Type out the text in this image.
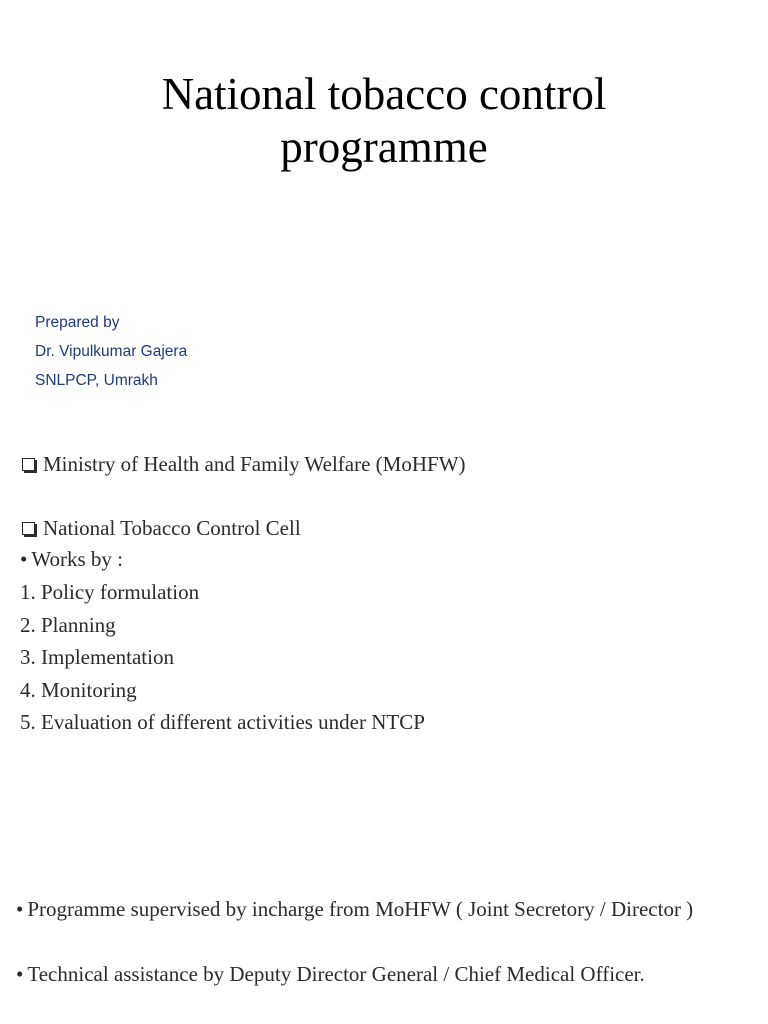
National tobacco control
programme
Prepared by
Dr. Vipulkumar Gajera
SNLPCP, Umrakh
Ministry of Health and Family Welfare (MoHFW)
National Tobacco Control Cell
• Works by :
1. Policy formulation
2. Planning
3. Implementation
4. Monitoring
5. Evaluation of different activities under NTCP
• Programme supervised by incharge from MoHFW ( Joint Secretory / Director )
• Technical assistance by Deputy Director General / Chief Medical Officer.
